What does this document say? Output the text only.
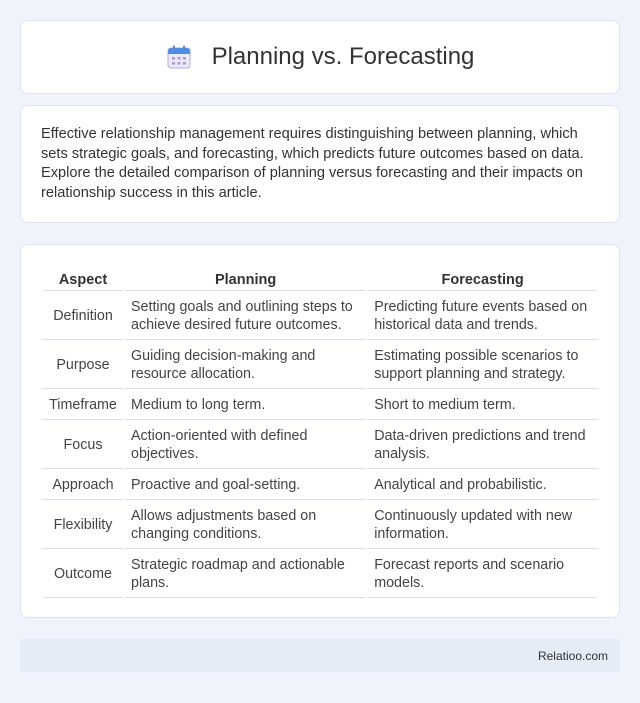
Planning vs. Forecasting

Effective relationship management requires distinguishing between planning, which sets strategic goals, and forecasting, which predicts future outcomes based on data. Explore the detailed comparison of planning versus forecasting and their impacts on relationship success in this article.

Aspect	Planning	Forecasting
Definition	Setting goals and outlining steps to achieve desired future outcomes.	Predicting future events based on historical data and trends.
Purpose	Guiding decision-making and resource allocation.	Estimating possible scenarios to support planning and strategy.
Timeframe	Medium to long term.	Short to medium term.
Focus	Action-oriented with defined objectives.	Data-driven predictions and trend analysis.
Approach	Proactive and goal-setting.	Analytical and probabilistic.
Flexibility	Allows adjustments based on changing conditions.	Continuously updated with new information.
Outcome	Strategic roadmap and actionable plans.	Forecast reports and scenario models.
Relatioo.com
